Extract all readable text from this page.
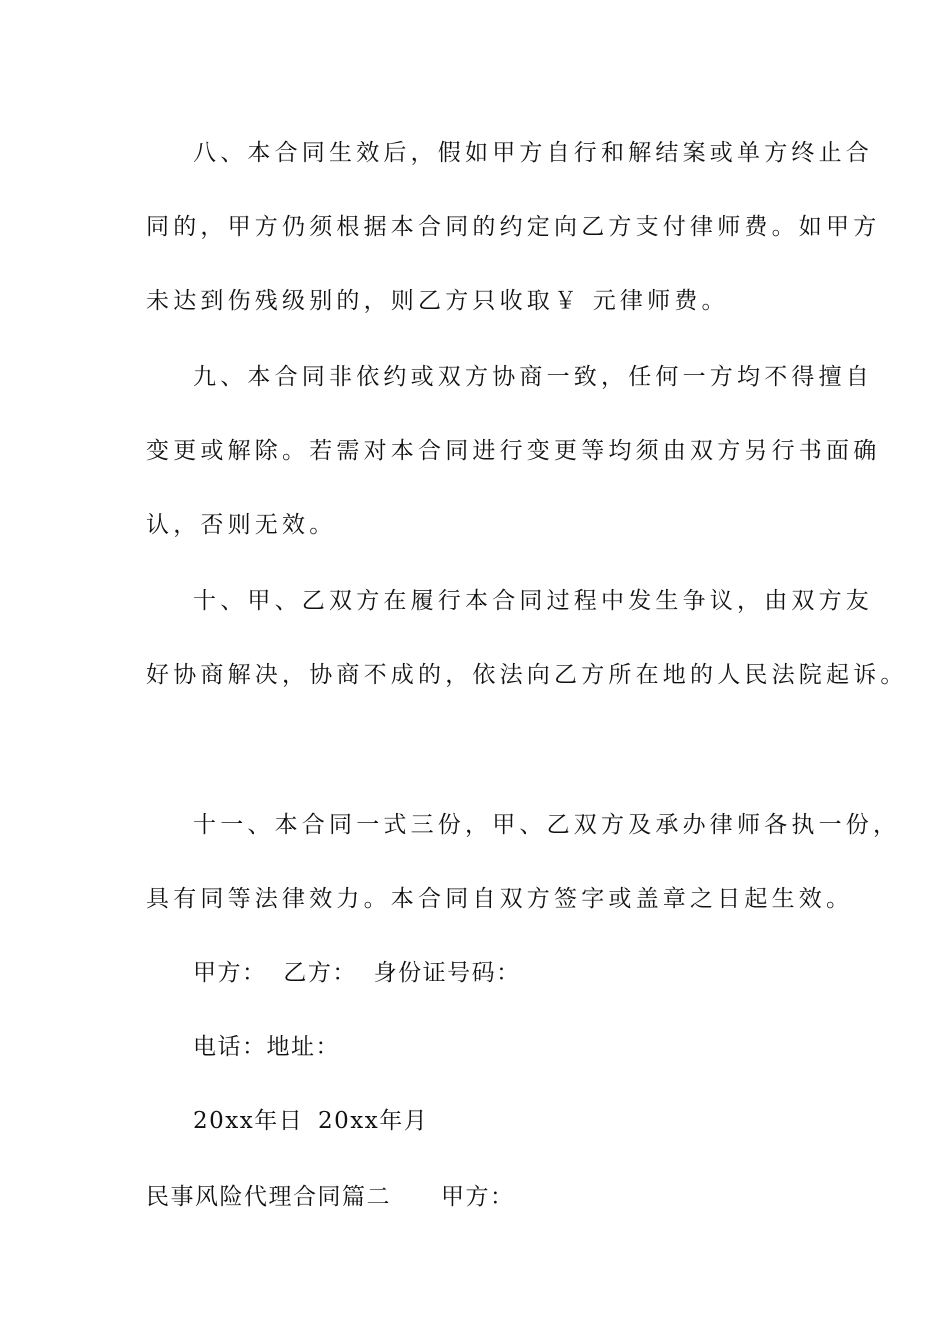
八、本合同生效后，假如甲方自行和解结案或单方终止合
同的，甲方仍须根据本合同的约定向乙方支付律师费。如甲方
未达到伤残级别的，则乙方只收取￥ 元律师费。
九、本合同非依约或双方协商一致，任何一方均不得擅自
变更或解除。若需对本合同进行变更等均须由双方另行书面确
认，否则无效。
十、甲、乙双方在履行本合同过程中发生争议，由双方友
好协商解决，协商不成的，依法向乙方所在地的人民法院起诉。
十一、本合同一式三份，甲、乙双方及承办律师各执一份，
具有同等法律效力。本合同自双方签字或盖章之日起生效。
甲方： 乙方： 身份证号码：
电话：地址：
20xx年日 20xx年月
民事风险代理合同篇二 甲方：
